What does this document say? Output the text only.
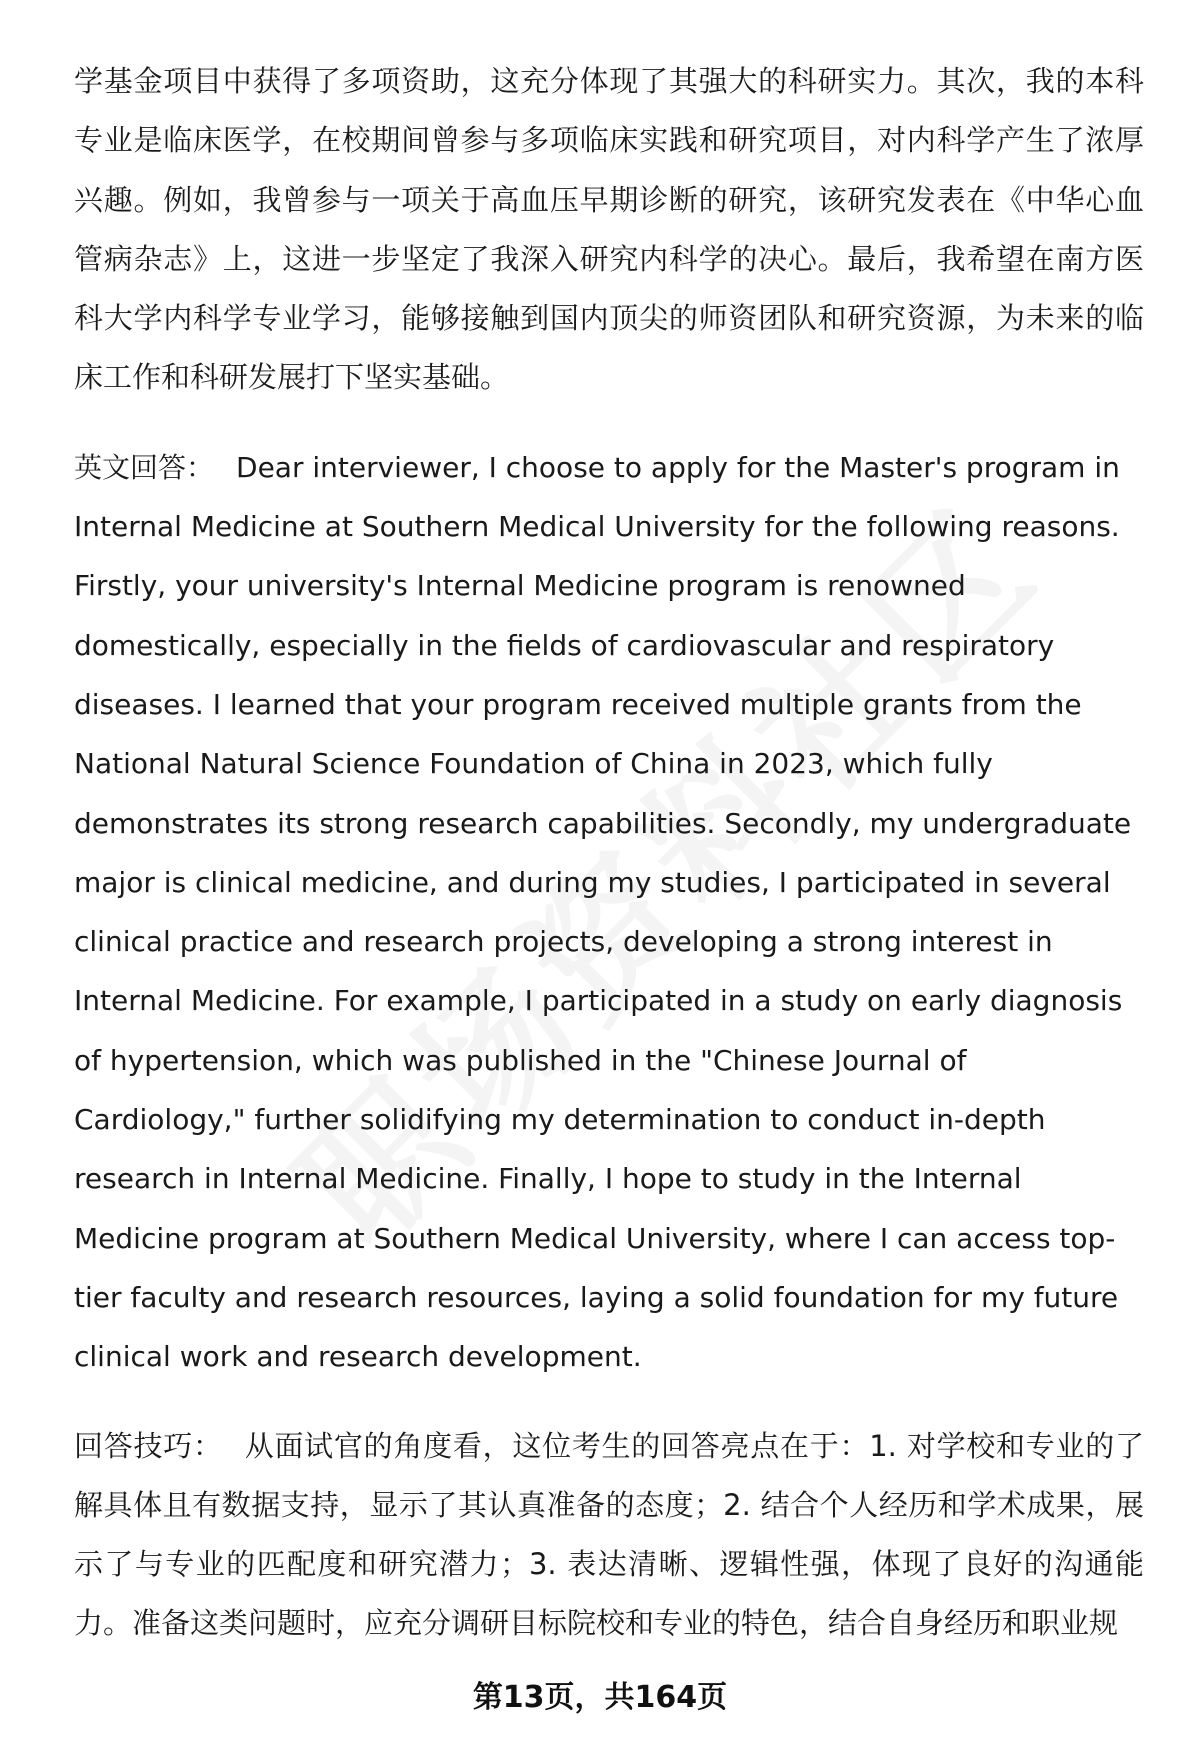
学基金项目中获得了多项资助，这充分体现了其强大的科研实力。其次，我的本科专业是临床医学，在校期间曾参与多项临床实践和研究项目，对内科学产生了浓厚兴趣。例如，我曾参与一项关于高血压早期诊断的研究，该研究发表在《中华心血管病杂志》上，这进一步坚定了我深入研究内科学的决心。最后，我希望在南方医科大学内科学专业学习，能够接触到国内顶尖的师资团队和研究资源，为未来的临床工作和科研发展打下坚实基础。

英文回答： Dear interviewer, I choose to apply for the Master's program in Internal Medicine at Southern Medical University for the following reasons. Firstly, your university's Internal Medicine program is renowned domestically, especially in the fields of cardiovascular and respiratory diseases. I learned that your program received multiple grants from the National Natural Science Foundation of China in 2023, which fully demonstrates its strong research capabilities. Secondly, my undergraduate major is clinical medicine, and during my studies, I participated in several clinical practice and research projects, developing a strong interest in Internal Medicine. For example, I participated in a study on early diagnosis of hypertension, which was published in the "Chinese Journal of Cardiology," further solidifying my determination to conduct in-depth research in Internal Medicine. Finally, I hope to study in the Internal Medicine program at Southern Medical University, where I can access top-tier faculty and research resources, laying a solid foundation for my future clinical work and research development.

回答技巧： 从面试官的角度看，这位考生的回答亮点在于：1. 对学校和专业的了解具体且有数据支持，显示了其认真准备的态度；2. 结合个人经历和学术成果，展示了与专业的匹配度和研究潜力；3. 表达清晰、逻辑性强，体现了良好的沟通能力。准备这类问题时，应充分调研目标院校和专业的特色，结合自身经历和职业规

第13页，共164页
